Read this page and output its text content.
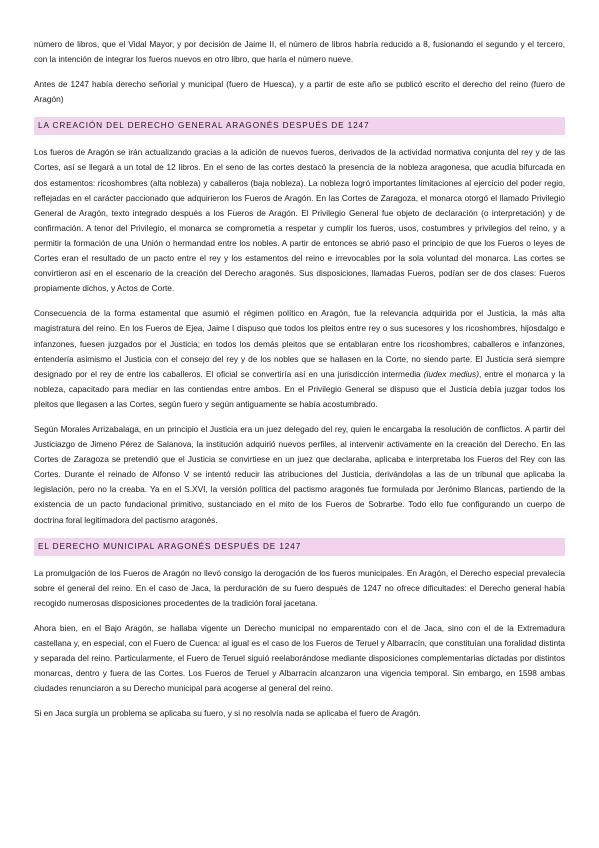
número de libros, que el Vidal Mayor, y por decisión de Jaime II, el número de libros habría reducido a 8, fusionando el segundo y el tercero, con la intención de integrar los fueros nuevos en otro libro, que haría el número nueve.

Antes de 1247 había derecho señorial y municipal (fuero de Huesca), y a partir de este año se publicó escrito el derecho del reino (fuero de Aragón)

LA CREACIÓN DEL DERECHO GENERAL ARAGONÉS DESPUÉS DE 1247

Los fueros de Aragón se irán actualizando gracias a la adición de nuevos fueros, derivados de la actividad normativa conjunta del rey y de las Cortes, así se llegará a un total de 12 libros. En el seno de las cortes destacó la presencia de la nobleza aragonesa, que acudía bifurcada en dos estamentos: ricoshombres (alta nobleza) y caballeros (baja nobleza). La nobleza logró importantes limitaciones al ejercicio del poder regio, reflejadas en el carácter paccionado que adquirieron los Fueros de Aragón. En las Cortes de Zaragoza, el monarca otorgó el llamado Privilegio General de Aragón, texto integrado después a los Fueros de Aragón. El Privilegio General fue objeto de declaración (o interpretación) y de confirmación. A tenor del Privilegio, el monarca se comprometía a respetar y cumplir los fueros, usos, costumbres y privilegios del reino, y a permitir la formación de una Unión o hermandad entre los nobles. A partir de entonces se abrió paso el principio de que los Fueros o leyes de Cortes eran el resultado de un pacto entre el rey y los estamentos del reino e irrevocables por la sola voluntad del monarca. Las cortes se convirtieron así en el escenario de la creación del Derecho aragonés. Sus disposiciones, llamadas Fueros, podían ser de dos clases: Fueros propiamente dichos, y Actos de Corte.

Consecuencia de la forma estamental que asumió el régimen político en Aragón, fue la relevancia adquirida por el Justicia, la más alta magistratura del reino. En los Fueros de Ejea, Jaime I dispuso que todos los pleitos entre rey o sus sucesores y los ricoshombres, hijosdalgo e infanzones, fuesen juzgados por el Justicia; en todos los demás pleitos que se entablaran entre los ricoshombres, caballeros e infanzones, entendería asimismo el Justicia con el consejo del rey y de los nobles que se hallasen en la Corte, no siendo parte. El Justicia será siempre designado por el rey de entre los caballeros. El oficial se convertiría así en una jurisdicción intermedia (iudex medius), entre el monarca y la nobleza, capacitado para mediar en las contiendas entre ambos. En el Privilegio General se dispuso que el Justicia debía juzgar todos los pleitos que llegasen a las Cortes, según fuero y según antiguamente se había acostumbrado.

Según Morales Arrizabalaga, en un principio el Justicia era un juez delegado del rey, quien le encargaba la resolución de conflictos. A partir del Justiciazgo de Jimeno Pérez de Salanova, la institución adquirió nuevos perfiles, al intervenir activamente en la creación del Derecho. En las Cortes de Zaragoza se pretendió que el Justicia se convirtiese en un juez que declaraba, aplicaba e interpretaba los Fueros del Rey con las Cortes. Durante el reinado de Alfonso V se intentó reducir las atribuciones del Justicia, derivándolas a las de un tribunal que aplicaba la legislación, pero no la creaba. Ya en el S.XVI, la versión política del pactismo aragonés fue formulada por Jerónimo Blancas, partiendo de la existencia de un pacto fundacional primitivo, sustanciado en el mito de los Fueros de Sobrarbe. Todo ello fue configurando un cuerpo de doctrina foral legitimadora del pactismo aragonés.

EL DERECHO MUNICIPAL ARAGONÉS DESPUÉS DE 1247

La promulgación de los Fueros de Aragón no llevó consigo la derogación de los fueros municipales. En Aragón, el Derecho especial prevalecía sobre el general del reino. En el caso de Jaca, la perduración de su fuero después de 1247 no ofrece dificultades: el Derecho general había recogido numerosas disposiciones procedentes de la tradición foral jacetana.

Ahora bien, en el Bajo Aragón, se hallaba vigente un Derecho municipal no emparentado con el de Jaca, sino con el de la Extremadura castellana y, en especial, con el Fuero de Cuenca: al igual es el caso de los Fueros de Teruel y Albarracín, que constituían una foralidad distinta y separada del reino. Particularmente, el Fuero de Teruel siguió reelaborándose mediante disposiciones complementarias dictadas por distintos monarcas, dentro y fuera de las Cortes. Los Fueros de Teruel y Albarracín alcanzaron una vigencia temporal. Sin embargo, en 1598 ambas ciudades renunciaron a su Derecho municipal para acogerse al general del reino.

Si en Jaca surgía un problema se aplicaba su fuero, y si no resolvía nada se aplicaba el fuero de Aragón.
